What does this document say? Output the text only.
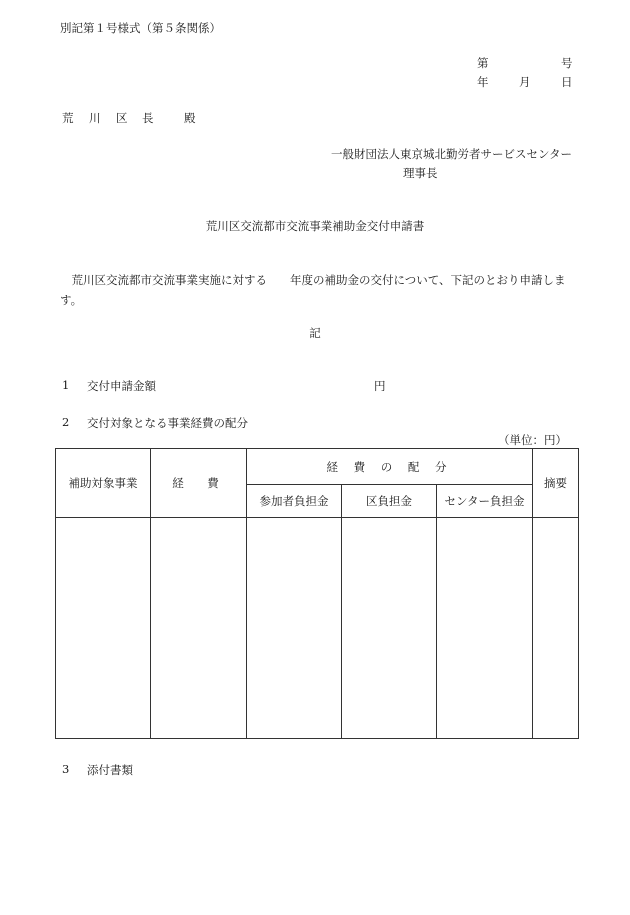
別記第１号様式（第５条関係）
第	号
年	月	日
荒 川 区 長	殿
一般財団法人東京城北勤労者サービスセンター
理事長
荒川区交流都市交流事業補助金交付申請書
　荒川区交流都市交流事業実施に対する　　年度の補助金の交付について、下記のとおり申請します。
記
1 交付申請金額	円
2 交付対象となる事業経費の配分
（単位：円）
補助対象事業	経　費	経 費 の 配 分			摘要
		参加者負担金	区負担金	センター負担金	

3 添付書類
